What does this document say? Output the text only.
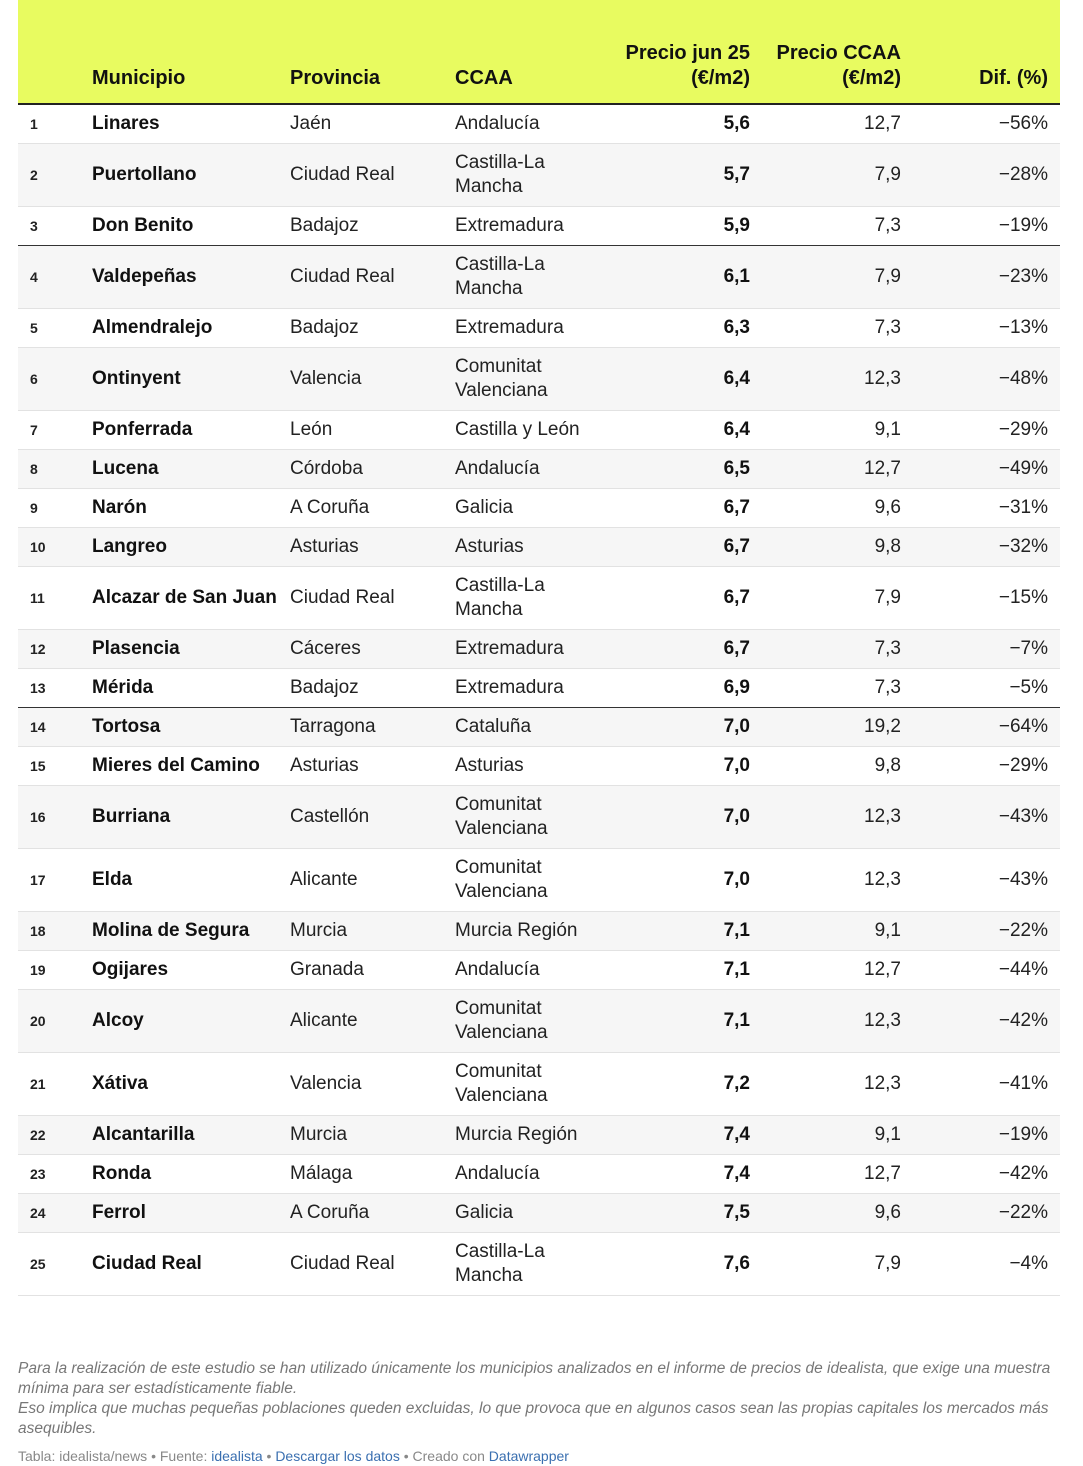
	Municipio	Provincia	CCAA	Precio jun 25 (€/m2)	Precio CCAA (€/m2)	Dif. (%)
1	Linares	Jaén	Andalucía	5,6	12,7	−56%
2	Puertollano	Ciudad Real	Castilla-La Mancha	5,7	7,9	−28%
3	Don Benito	Badajoz	Extremadura	5,9	7,3	−19%
4	Valdepeñas	Ciudad Real	Castilla-La Mancha	6,1	7,9	−23%
5	Almendralejo	Badajoz	Extremadura	6,3	7,3	−13%
6	Ontinyent	Valencia	Comunitat Valenciana	6,4	12,3	−48%
7	Ponferrada	León	Castilla y León	6,4	9,1	−29%
8	Lucena	Córdoba	Andalucía	6,5	12,7	−49%
9	Narón	A Coruña	Galicia	6,7	9,6	−31%
10	Langreo	Asturias	Asturias	6,7	9,8	−32%
11	Alcazar de San Juan	Ciudad Real	Castilla-La Mancha	6,7	7,9	−15%
12	Plasencia	Cáceres	Extremadura	6,7	7,3	−7%
13	Mérida	Badajoz	Extremadura	6,9	7,3	−5%
14	Tortosa	Tarragona	Cataluña	7,0	19,2	−64%
15	Mieres del Camino	Asturias	Asturias	7,0	9,8	−29%
16	Burriana	Castellón	Comunitat Valenciana	7,0	12,3	−43%
17	Elda	Alicante	Comunitat Valenciana	7,0	12,3	−43%
18	Molina de Segura	Murcia	Murcia Región	7,1	9,1	−22%
19	Ogijares	Granada	Andalucía	7,1	12,7	−44%
20	Alcoy	Alicante	Comunitat Valenciana	7,1	12,3	−42%
21	Xátiva	Valencia	Comunitat Valenciana	7,2	12,3	−41%
22	Alcantarilla	Murcia	Murcia Región	7,4	9,1	−19%
23	Ronda	Málaga	Andalucía	7,4	12,7	−42%
24	Ferrol	A Coruña	Galicia	7,5	9,6	−22%
25	Ciudad Real	Ciudad Real	Castilla-La Mancha	7,6	7,9	−4%

Para la realización de este estudio se han utilizado únicamente los municipios analizados en el informe de precios de idealista, que exige una muestra mínima para ser estadísticamente fiable.

Eso implica que muchas pequeñas poblaciones queden excluidas, lo que provoca que en algunos casos sean las propias capitales los mercados más asequibles.

Tabla: idealista/news • Fuente: idealista • Descargar los datos • Creado con Datawrapper
